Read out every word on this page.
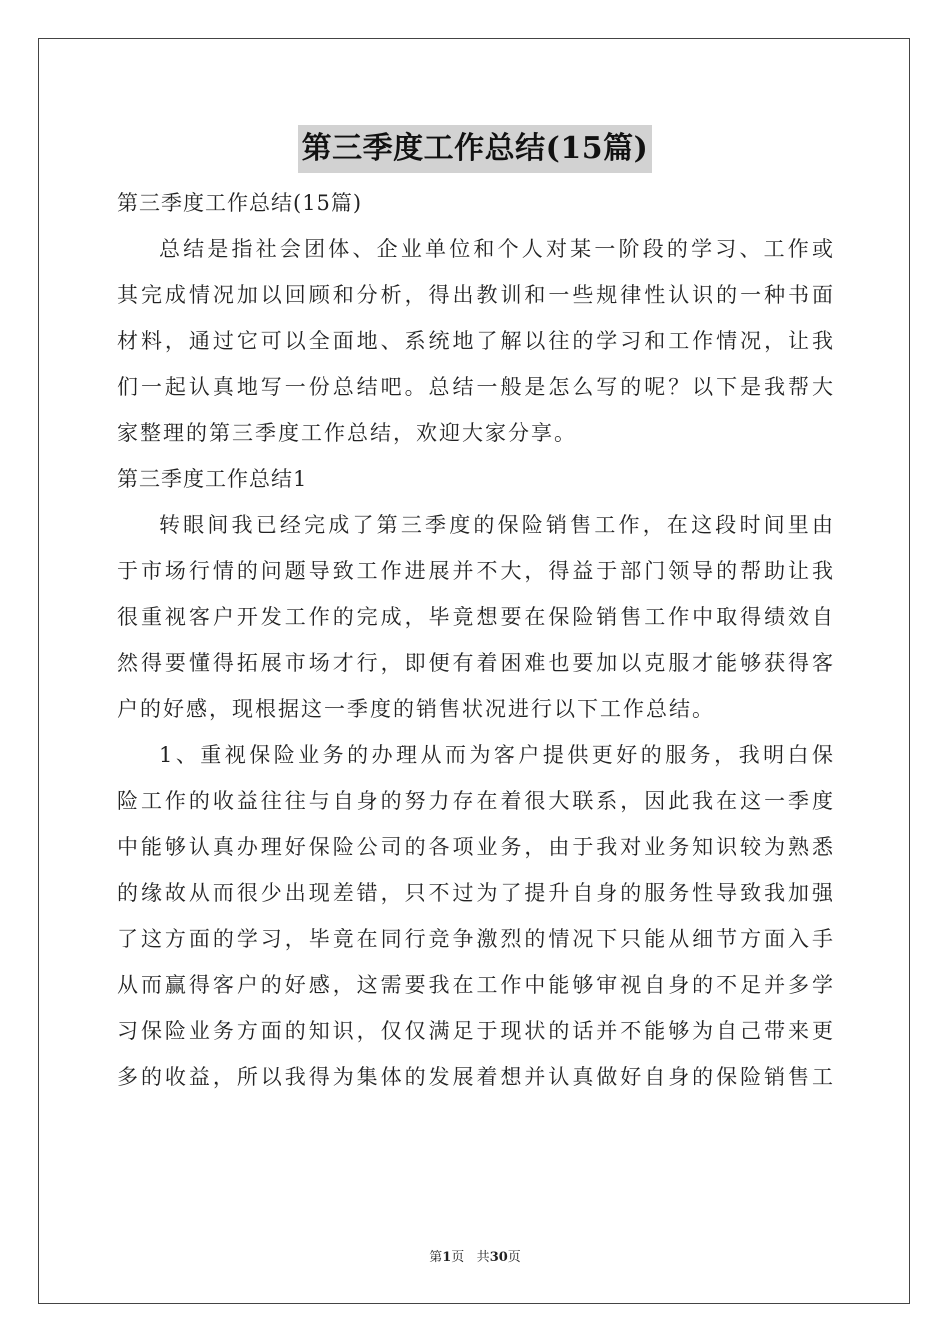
第三季度工作总结(15篇)
第三季度工作总结(15篇)
总结是指社会团体、企业单位和个人对某一阶段的学习、工作或
其完成情况加以回顾和分析，得出教训和一些规律性认识的一种书面
材料，通过它可以全面地、系统地了解以往的学习和工作情况，让我
们一起认真地写一份总结吧。总结一般是怎么写的呢？以下是我帮大
家整理的第三季度工作总结，欢迎大家分享。
第三季度工作总结1
转眼间我已经完成了第三季度的保险销售工作，在这段时间里由
于市场行情的问题导致工作进展并不大，得益于部门领导的帮助让我
很重视客户开发工作的完成，毕竟想要在保险销售工作中取得绩效自
然得要懂得拓展市场才行，即便有着困难也要加以克服才能够获得客
户的好感，现根据这一季度的销售状况进行以下工作总结。
1、重视保险业务的办理从而为客户提供更好的服务，我明白保
险工作的收益往往与自身的努力存在着很大联系，因此我在这一季度
中能够认真办理好保险公司的各项业务，由于我对业务知识较为熟悉
的缘故从而很少出现差错，只不过为了提升自身的服务性导致我加强
了这方面的学习，毕竟在同行竞争激烈的情况下只能从细节方面入手
从而赢得客户的好感，这需要我在工作中能够审视自身的不足并多学
习保险业务方面的知识，仅仅满足于现状的话并不能够为自己带来更
多的收益，所以我得为集体的发展着想并认真做好自身的保险销售工
第1页 共30页
